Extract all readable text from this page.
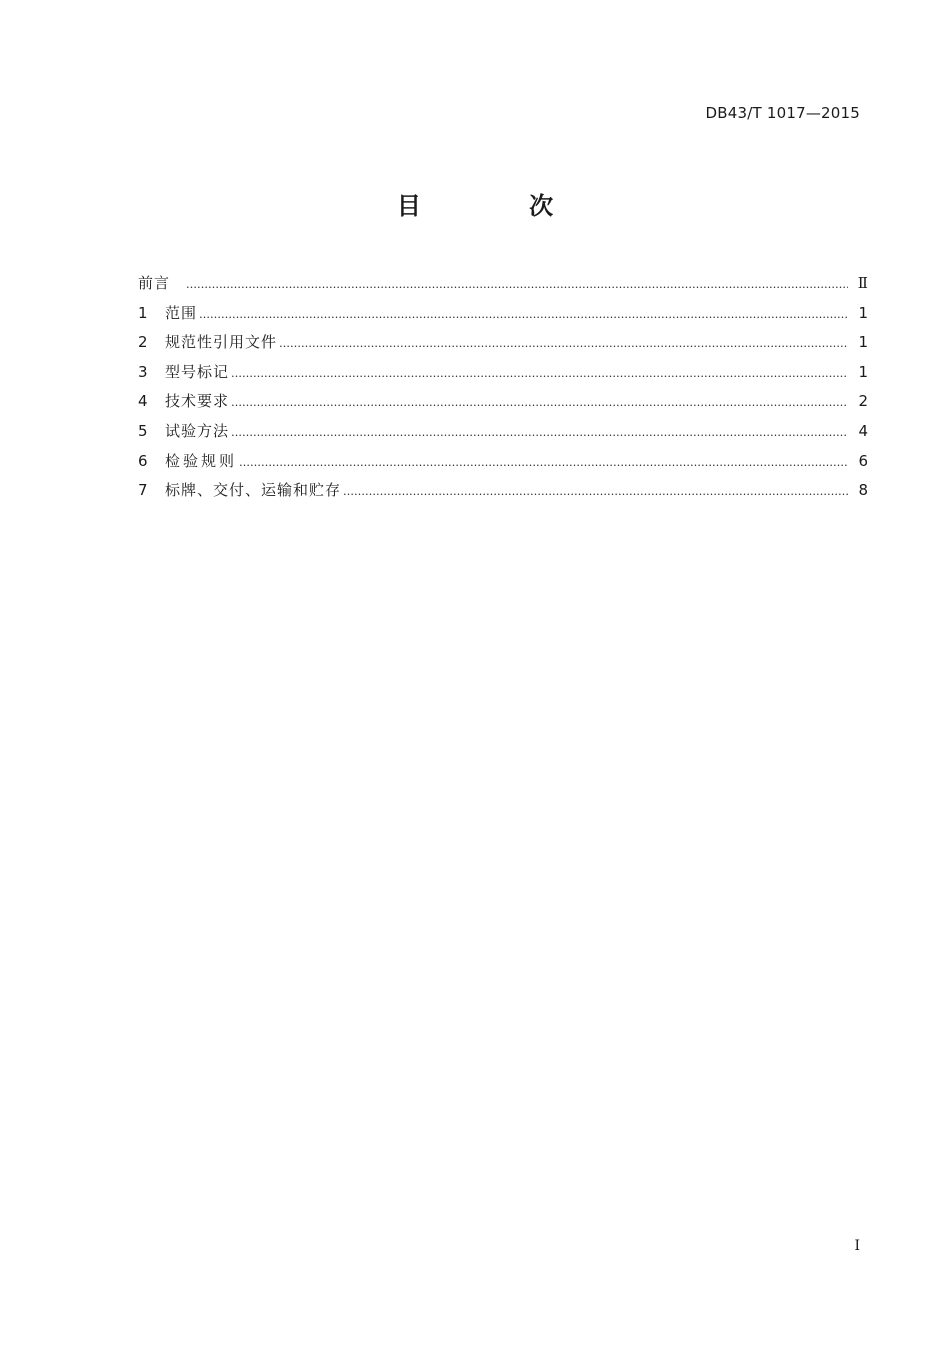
DB43/T 1017—2015
目 次
前言 ……………………………………………………………………………………………………………………………………………………………………………………………………………………………………………	Ⅱ
1	范围 ……………………………………………………………………………………………………………………………………………………………………………………………………………………………………………	1
2	规范性引用文件 ……………………………………………………………………………………………………………………………………………………………………………………………………………………………………………	1
3	型号标记 ……………………………………………………………………………………………………………………………………………………………………………………………………………………………………………	1
4	技术要求 ……………………………………………………………………………………………………………………………………………………………………………………………………………………………………………	2
5	试验方法 ……………………………………………………………………………………………………………………………………………………………………………………………………………………………………………	4
6	检验规则 ……………………………………………………………………………………………………………………………………………………………………………………………………………………………………………	6
7	标牌、交付、运输和贮存 ……………………………………………………………………………………………………………………………………………………………………………………………………………………………………………	8
I
